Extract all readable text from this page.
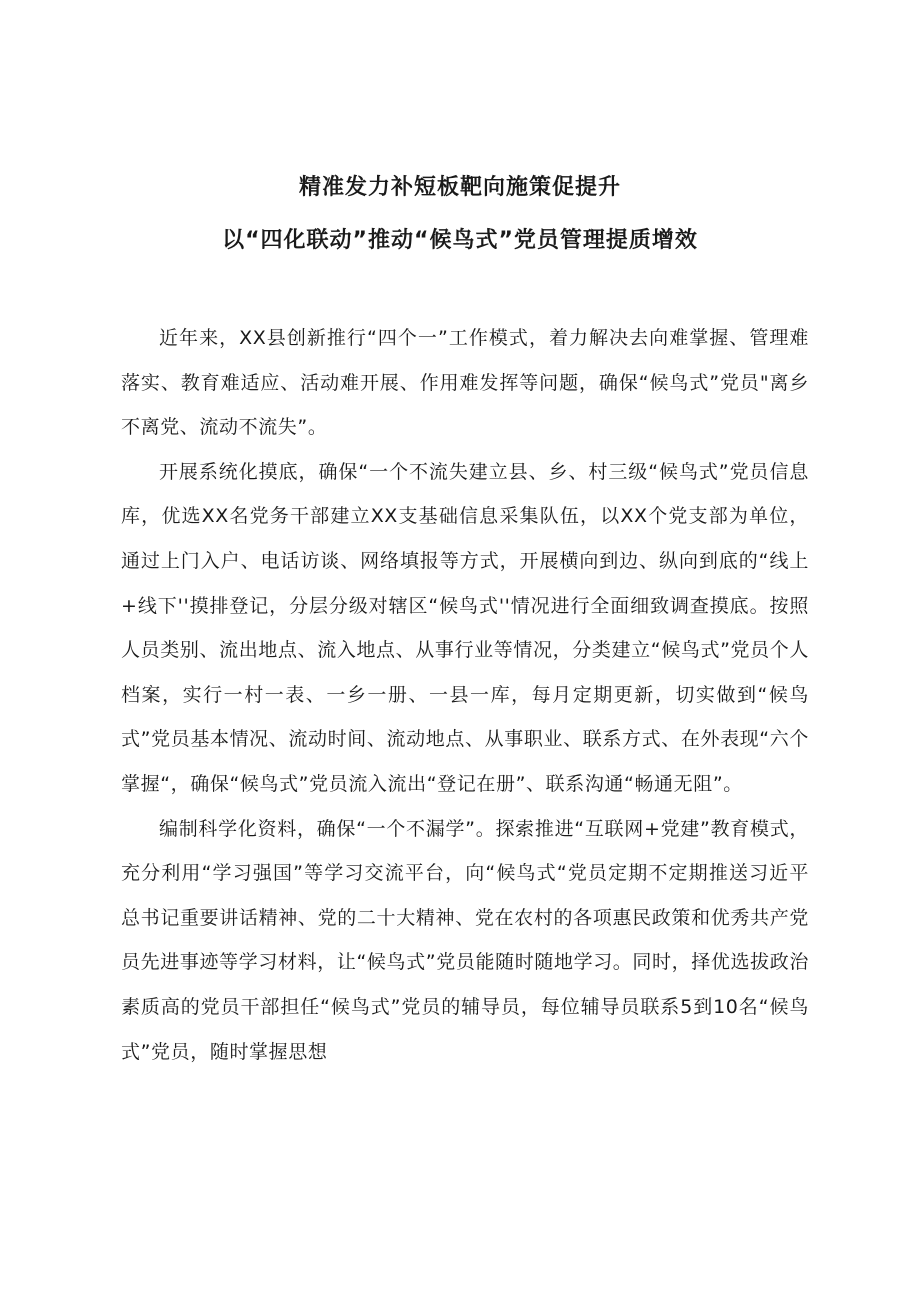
精准发力补短板靶向施策促提升
以“四化联动”推动“候鸟式”党员管理提质增效

近年来，XX县创新推行“四个一”工作模式，着力解决去向难掌握、管理难落实、教育难适应、活动难开展、作用难发挥等问题，确保“候鸟式”党员"离乡不离党、流动不流失”。

开展系统化摸底，确保“一个不流失建立县、乡、村三级“候鸟式”党员信息库，优选XX名党务干部建立XX支基础信息采集队伍，以XX个党支部为单位，通过上门入户、电话访谈、网络填报等方式，开展横向到边、纵向到底的“线上+线下''摸排登记，分层分级对辖区“候鸟式''情况进行全面细致调查摸底。按照人员类别、流出地点、流入地点、从事行业等情况，分类建立“候鸟式”党员个人档案，实行一村一表、一乡一册、一县一库，每月定期更新，切实做到“候鸟式”党员基本情况、流动时间、流动地点、从事职业、联系方式、在外表现“六个掌握“，确保“候鸟式”党员流入流出“登记在册”、联系沟通“畅通无阻”。

编制科学化资料，确保“一个不漏学”。探索推进“互联网+党建”教育模式，充分利用“学习强国”等学习交流平台，向“候鸟式“党员定期不定期推送习近平总书记重要讲话精神、党的二十大精神、党在农村的各项惠民政策和优秀共产党员先进事迹等学习材料，让“候鸟式”党员能随时随地学习。同时，择优选拔政治素质高的党员干部担任“候鸟式”党员的辅导员，每位辅导员联系5到10名“候鸟式”党员，随时掌握思想
